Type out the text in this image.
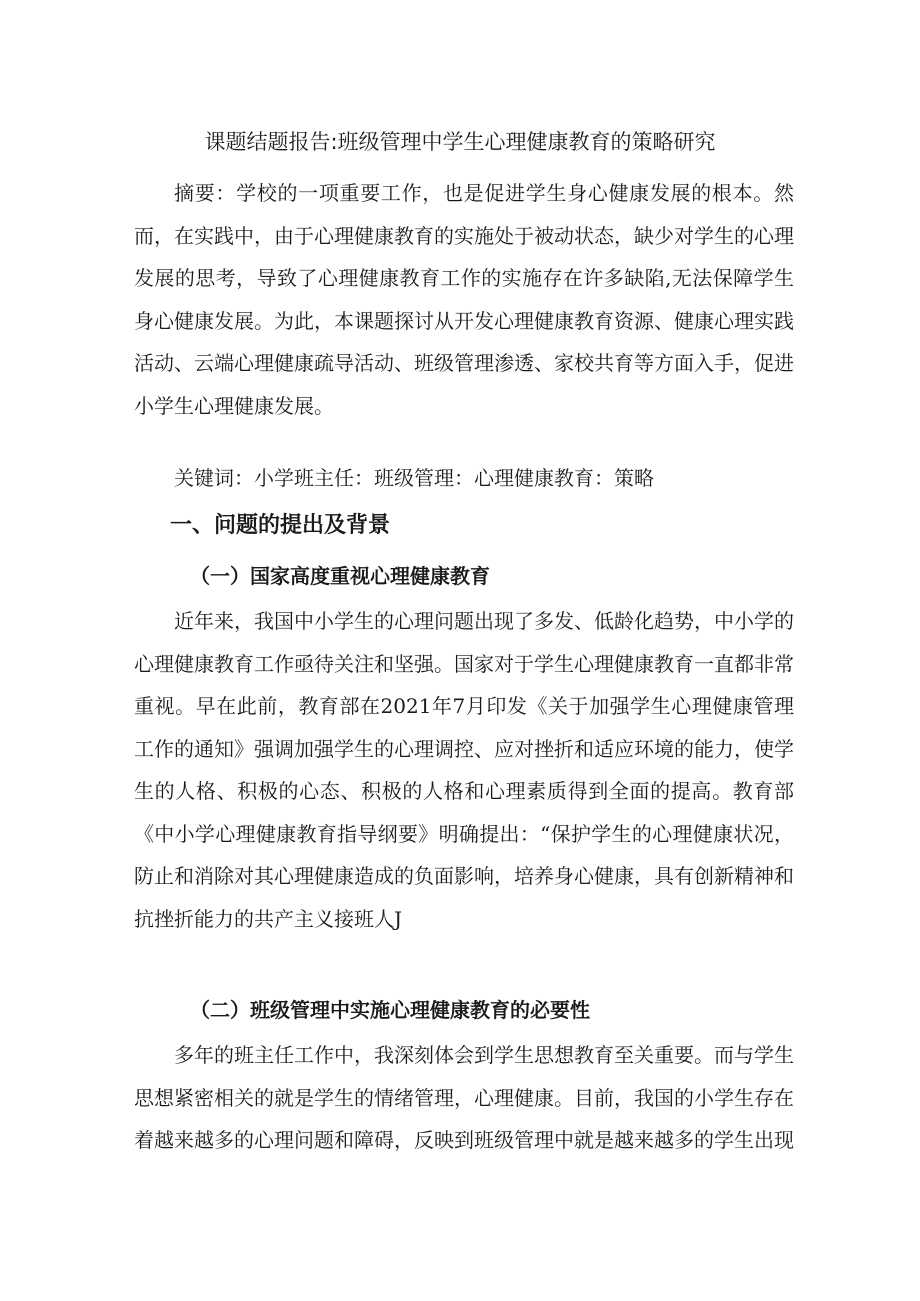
课题结题报告:班级管理中学生心理健康教育的策略研究

摘要：学校的一项重要工作，也是促进学生身心健康发展的根本。然而，在实践中，由于心理健康教育的实施处于被动状态，缺少对学生的心理发展的思考，导致了心理健康教育工作的实施存在许多缺陷,无法保障学生身心健康发展。为此，本课题探讨从开发心理健康教育资源、健康心理实践活动、云端心理健康疏导活动、班级管理渗透、家校共育等方面入手，促进小学生心理健康发展。

关键词：小学班主任：班级管理：心理健康教育：策略

一、问题的提出及背景
（一）国家高度重视心理健康教育

近年来，我国中小学生的心理问题出现了多发、低龄化趋势，中小学的心理健康教育工作亟待关注和坚强。国家对于学生心理健康教育一直都非常重视。早在此前，教育部在2021年7月印发《关于加强学生心理健康管理工作的通知》强调加强学生的心理调控、应对挫折和适应环境的能力，使学生的人格、积极的心态、积极的人格和心理素质得到全面的提高。教育部《中小学心理健康教育指导纲要》明确提出：“保护学生的心理健康状况，防止和消除对其心理健康造成的负面影响，培养身心健康，具有创新精神和抗挫折能力的共产主义接班人J

（二）班级管理中实施心理健康教育的必要性

多年的班主任工作中，我深刻体会到学生思想教育至关重要。而与学生思想紧密相关的就是学生的情绪管理，心理健康。目前，我国的小学生存在着越来越多的心理问题和障碍，反映到班级管理中就是越来越多的学生出现
